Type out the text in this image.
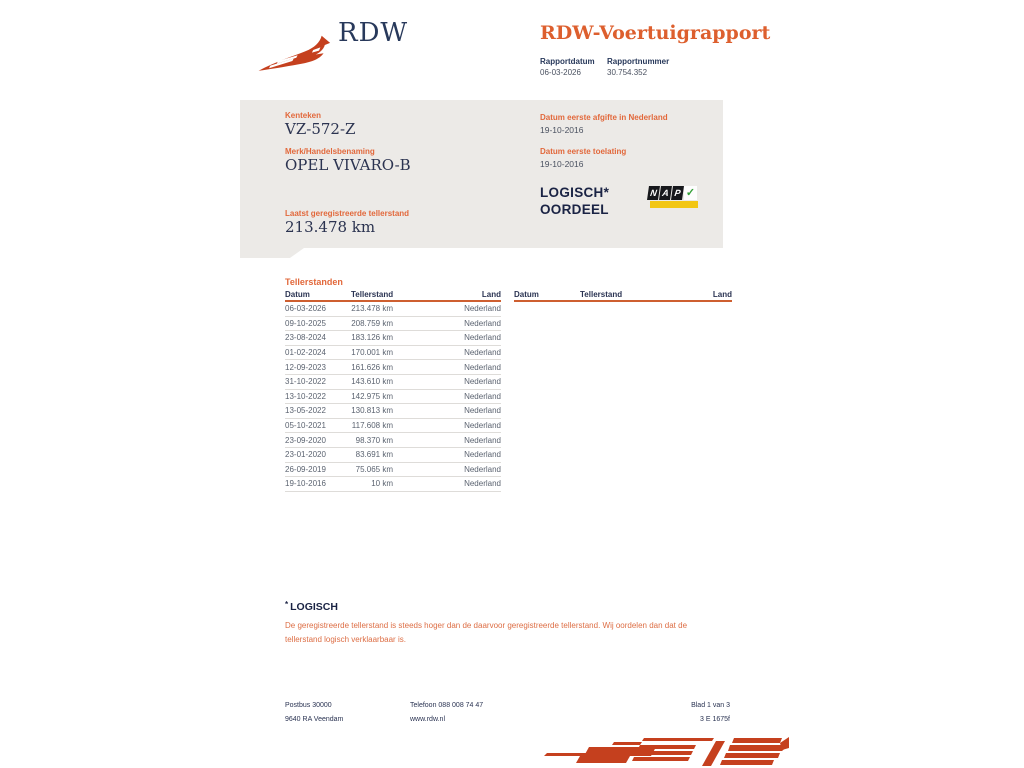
RDW	RDW-Voertuigrapport
Rapportdatum
06-03-2026
Rapportnummer
30.754.352
Kenteken
VZ-572-Z
Merk/Handelsbenaming
OPEL VIVARO-B
Laatst geregistreerde tellerstand
213.478 km
Datum eerste afgifte in Nederland
19-10-2016
Datum eerste toelating
19-10-2016
LOGISCH*
OORDEEL
N A P ✓
Tellerstanden
Datum	Tellerstand	Land
06-03-2026	213.478 km	Nederland
09-10-2025	208.759 km	Nederland
23-08-2024	183.126 km	Nederland
01-02-2024	170.001 km	Nederland
12-09-2023	161.626 km	Nederland
31-10-2022	143.610 km	Nederland
13-10-2022	142.975 km	Nederland
13-05-2022	130.813 km	Nederland
05-10-2021	117.608 km	Nederland
23-09-2020	98.370 km	Nederland
23-01-2020	83.691 km	Nederland
26-09-2019	75.065 km	Nederland
19-10-2016	10 km	Nederland
Datum	Tellerstand	Land
* LOGISCH
De geregistreerde tellerstand is steeds hoger dan de daarvoor geregistreerde tellerstand. Wij oordelen dan dat de tellerstand logisch verklaarbaar is.
Postbus 30000
9640 RA Veendam
Telefoon 088 008 74 47
www.rdw.nl
Blad 1 van 3
3 E 1675f
